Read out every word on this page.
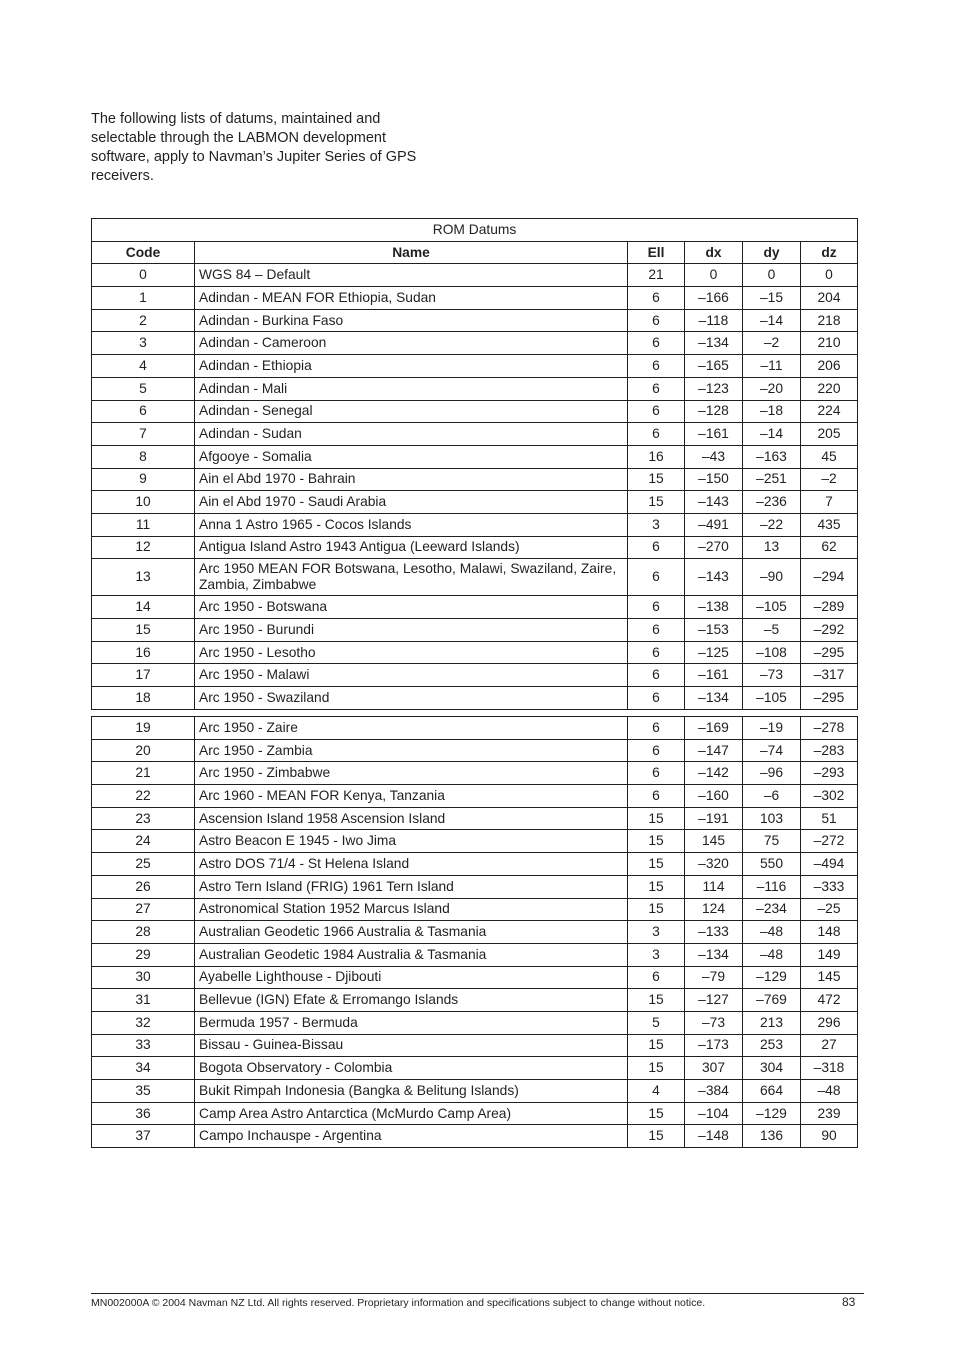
The following lists of datums, maintained and

selectable through the LABMON development

software, apply to Navman’s Jupiter Series of GPS

receivers.

ROM Datums					
Code	Name	Ell	dx	dy	dz
0	WGS 84 – Default	21	0	0	0
1	Adindan - MEAN FOR Ethiopia, Sudan	6	–166	–15	204
2	Adindan - Burkina Faso	6	–118	–14	218
3	Adindan - Cameroon	6	–134	–2	210
4	Adindan - Ethiopia	6	–165	–11	206
5	Adindan - Mali	6	–123	–20	220
6	Adindan - Senegal	6	–128	–18	224
7	Adindan - Sudan	6	–161	–14	205
8	Afgooye - Somalia	16	–43	–163	45
9	Ain el Abd 1970 - Bahrain	15	–150	–251	–2
10	Ain el Abd 1970 - Saudi Arabia	15	–143	–236	7
11	Anna 1 Astro 1965 - Cocos Islands	3	–491	–22	435
12	Antigua Island Astro 1943 Antigua (Leeward Islands)	6	–270	13	62
13	Arc 1950 MEAN FOR Botswana, Lesotho, Malawi, Swaziland, Zaire, Zambia, Zimbabwe	6	–143	–90	–294
14	Arc 1950 - Botswana	6	–138	–105	–289
15	Arc 1950 - Burundi	6	–153	–5	–292
16	Arc 1950 - Lesotho	6	–125	–108	–295
17	Arc 1950 - Malawi	6	–161	–73	–317
18	Arc 1950 - Swaziland	6	–134	–105	–295
19	Arc 1950 - Zaire	6	–169	–19	–278
20	Arc 1950 - Zambia	6	–147	–74	–283
21	Arc 1950 - Zimbabwe	6	–142	–96	–293
22	Arc 1960 - MEAN FOR Kenya, Tanzania	6	–160	–6	–302
23	Ascension Island 1958 Ascension Island	15	–191	103	51
24	Astro Beacon E 1945 - Iwo Jima	15	145	75	–272
25	Astro DOS 71/4 - St Helena Island	15	–320	550	–494
26	Astro Tern Island (FRIG) 1961 Tern Island	15	114	–116	–333
27	Astronomical Station 1952 Marcus Island	15	124	–234	–25
28	Australian Geodetic 1966 Australia & Tasmania	3	–133	–48	148
29	Australian Geodetic 1984 Australia & Tasmania	3	–134	–48	149
30	Ayabelle Lighthouse - Djibouti	6	–79	–129	145
31	Bellevue (IGN) Efate & Erromango Islands	15	–127	–769	472
32	Bermuda 1957 - Bermuda	5	–73	213	296
33	Bissau - Guinea-Bissau	15	–173	253	27
34	Bogota Observatory - Colombia	15	307	304	–318
35	Bukit Rimpah Indonesia (Bangka & Belitung Islands)	4	–384	664	–48
36	Camp Area Astro Antarctica (McMurdo Camp Area)	15	–104	–129	239
37	Campo Inchauspe - Argentina	15	–148	136	90
MN002000A © 2004 Navman NZ Ltd. All rights reserved. Proprietary information and specifications subject to change without notice.	83
